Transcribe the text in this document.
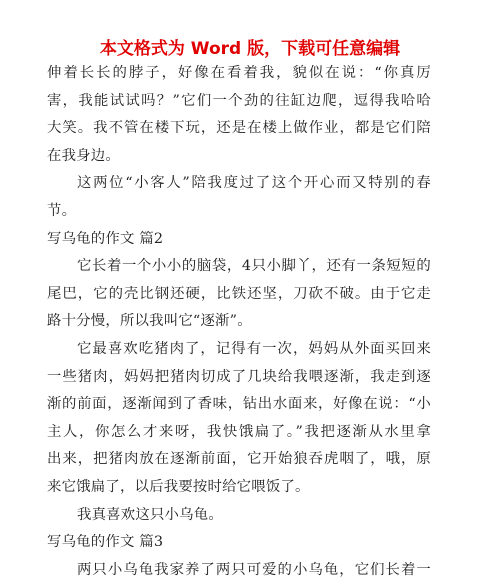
本文格式为 Word 版，下载可任意编辑
伸着长长的脖子，好像在看着我，貌似在说：“你真厉
害，我能试试吗？”它们一个劲的往缸边爬，逗得我哈哈
大笑。我不管在楼下玩，还是在楼上做作业，都是它们陪
在我身边。
这两位“小客人”陪我度过了这个开心而又特别的春
节。
写乌龟的作文 篇2
它长着一个小小的脑袋，4只小脚丫，还有一条短短的
尾巴，它的壳比钢还硬，比铁还坚，刀砍不破。由于它走
路十分慢，所以我叫它“逐渐”。
它最喜欢吃猪肉了，记得有一次，妈妈从外面买回来
一些猪肉，妈妈把猪肉切成了几块给我喂逐渐，我走到逐
渐的前面，逐渐闻到了香味，钻出水面来，好像在说：“小
主人，你怎么才来呀，我快饿扁了。”我把逐渐从水里拿
出来，把猪肉放在逐渐前面，它开始狼吞虎咽了，哦，原
来它饿扁了，以后我要按时给它喂饭了。
我真喜欢这只小乌龟。
写乌龟的作文 篇3
两只小乌龟我家养了两只可爱的小乌龟，它们长着一
